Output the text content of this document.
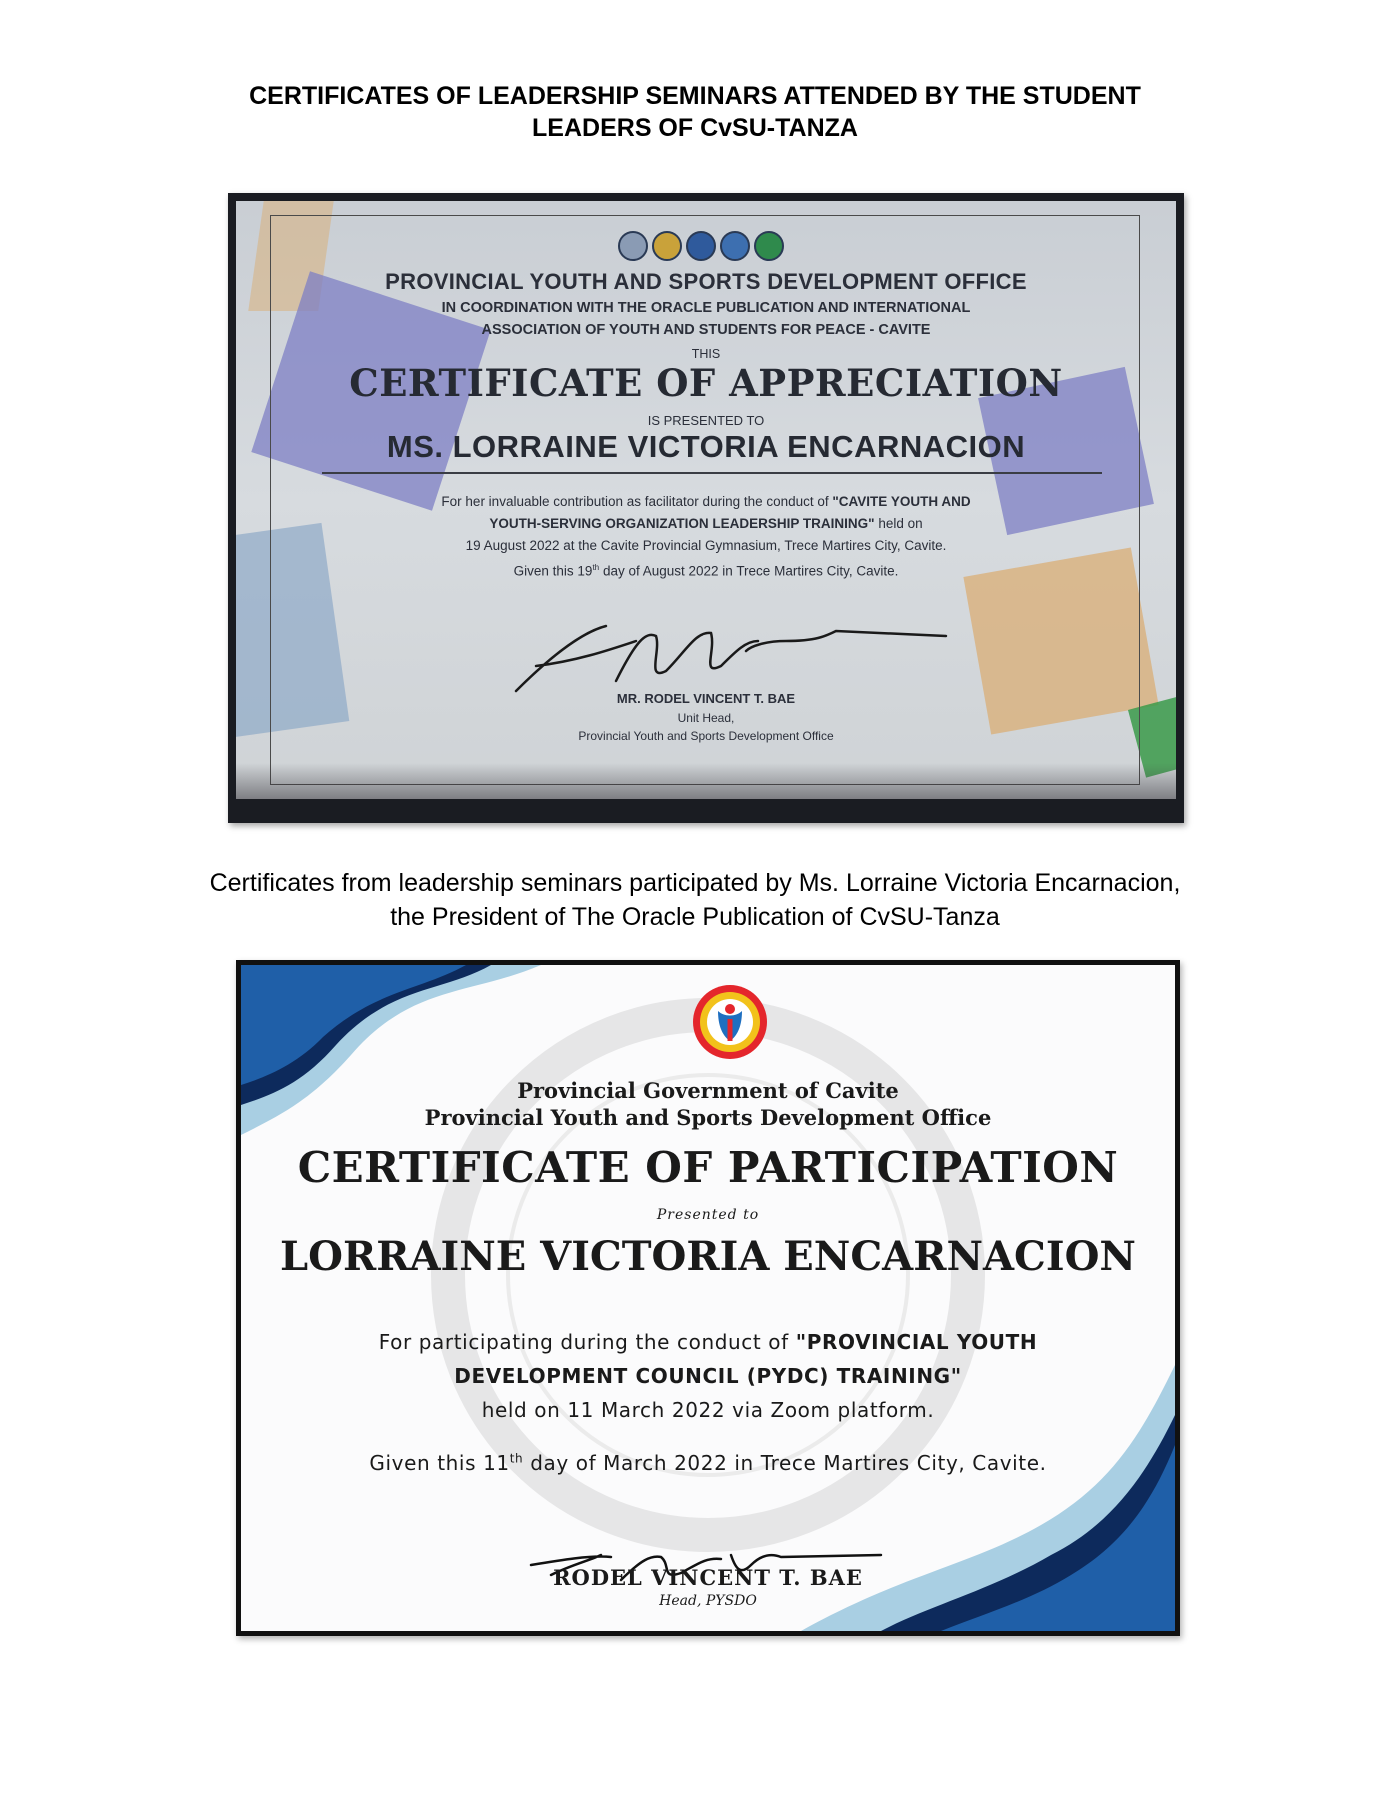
CERTIFICATES OF LEADERSHIP SEMINARS ATTENDED BY THE STUDENT
LEADERS OF CvSU-TANZA
PROVINCIAL YOUTH AND SPORTS DEVELOPMENT OFFICE
IN COORDINATION WITH THE ORACLE PUBLICATION AND INTERNATIONAL
ASSOCIATION OF YOUTH AND STUDENTS FOR PEACE - CAVITE
THIS
CERTIFICATE OF APPRECIATION
IS PRESENTED TO
MS. LORRAINE VICTORIA ENCARNACION
For her invaluable contribution as facilitator during the conduct of "CAVITE YOUTH AND
YOUTH-SERVING ORGANIZATION LEADERSHIP TRAINING" held on
19 August 2022 at the Cavite Provincial Gymnasium, Trece Martires City, Cavite.
Given this 19th day of August 2022 in Trece Martires City, Cavite.
MR. RODEL VINCENT T. BAE
Unit Head,
Provincial Youth and Sports Development Office
Certificates from leadership seminars participated by Ms. Lorraine Victoria Encarnacion,
the President of The Oracle Publication of CvSU-Tanza
Provincial Government of Cavite
Provincial Youth and Sports Development Office
CERTIFICATE OF PARTICIPATION
Presented to
LORRAINE VICTORIA ENCARNACION
For participating during the conduct of "PROVINCIAL YOUTH
DEVELOPMENT COUNCIL (PYDC) TRAINING"
held on 11 March 2022 via Zoom platform.
Given this 11th day of March 2022 in Trece Martires City, Cavite.
RODEL VINCENT T. BAE
Head, PYSDO
